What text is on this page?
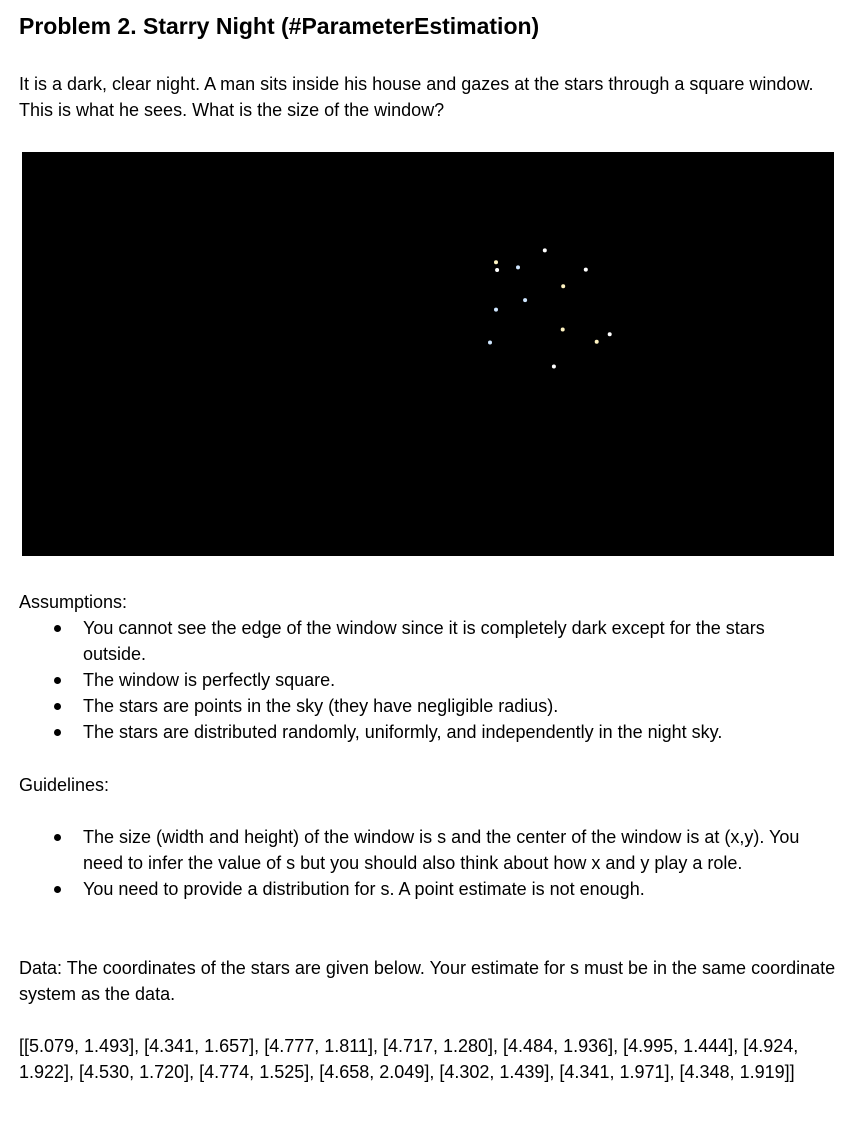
Problem 2. Starry Night (#ParameterEstimation)

It is a dark, clear night. A man sits inside his house and gazes at the stars through a square window. This is what he sees. What is the size of the window?

Assumptions:

You cannot see the edge of the window since it is completely dark except for the stars outside.
The window is perfectly square.
The stars are points in the sky (they have negligible radius).
The stars are distributed randomly, uniformly, and independently in the night sky.

Guidelines:

The size (width and height) of the window is s and the center of the window is at (x,y). You need to infer the value of s but you should also think about how x and y play a role.
You need to provide a distribution for s. A point estimate is not enough.

Data: The coordinates of the stars are given below. Your estimate for s must be in the same coordinate system as the data.

[[5.079, 1.493], [4.341, 1.657], [4.777, 1.811], [4.717, 1.280], [4.484, 1.936], [4.995, 1.444], [4.924, 1.922], [4.530, 1.720], [4.774, 1.525], [4.658, 2.049], [4.302, 1.439], [4.341, 1.971], [4.348, 1.919]]
